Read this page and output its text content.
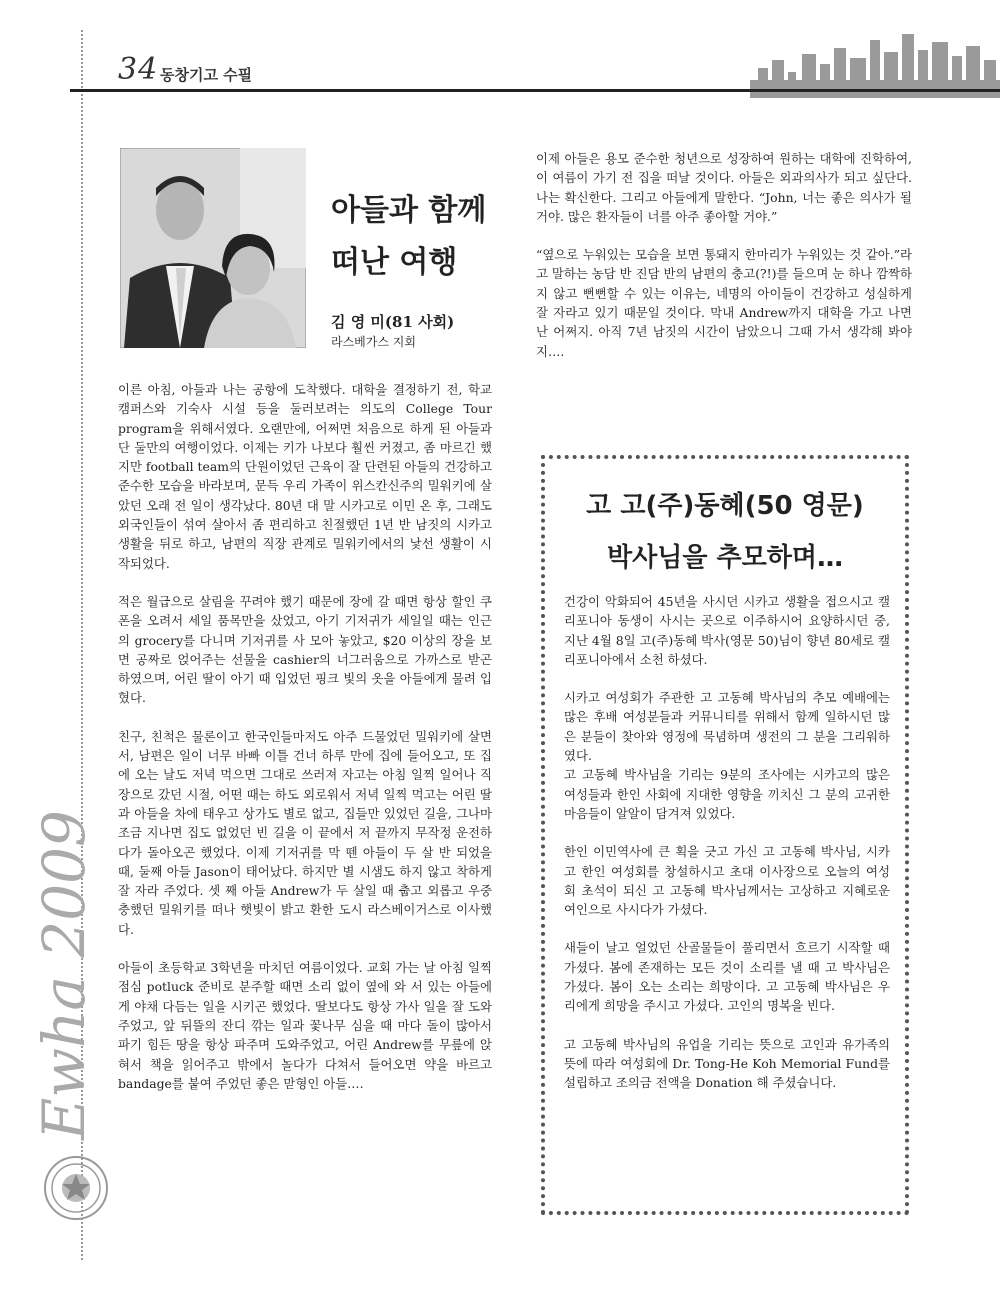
34 동창기고 수필
아들과 함께
떠난 여행
김 영 미(81 사회)
라스베가스 지회

이른 아침, 아들과 나는 공항에 도착했다. 대학을 결정하기 전, 학교 캠퍼스와 기숙사 시설 등을 둘러보려는 의도의 College Tour program을 위해서였다. 오랜만에, 어쩌면 처음으로 하게 된 아들과 단 둘만의 여행이었다. 이제는 키가 나보다 훨씬 커졌고, 좀 마르긴 했지만 football team의 단원이었던 근육이 잘 단련된 아들의 건강하고 준수한 모습을 바라보며, 문득 우리 가족이 위스칸신주의 밀워키에 살았던 오래 전 일이 생각났다. 80년 대 말 시카고로 이민 온 후, 그래도 외국인들이 섞여 살아서 좀 편리하고 친절했던 1년 반 남짓의 시카고 생활을 뒤로 하고, 남편의 직장 관계로 밀워키에서의 낯선 생활이 시작되었다.

적은 월급으로 살림을 꾸려야 했기 때문에 장에 갈 때면 항상 할인 쿠폰을 오려서 세일 품목만을 샀었고, 아기 기저귀가 세일일 때는 인근의 grocery를 다니며 기저귀를 사 모아 놓았고, $20 이상의 장을 보면 공짜로 얹어주는 선물을 cashier의 너그러움으로 가까스로 받곤 하였으며, 어린 딸이 아기 때 입었던 핑크 빛의 옷을 아들에게 물려 입혔다.

친구, 친척은 물론이고 한국인들마저도 아주 드물었던 밀워키에 살면서, 남편은 일이 너무 바빠 이틀 건너 하루 만에 집에 들어오고, 또 집에 오는 날도 저녁 먹으면 그대로 쓰러져 자고는 아침 일찍 일어나 직장으로 갔던 시절, 어떤 때는 하도 외로워서 저녁 일찍 먹고는 어린 딸과 아들을 차에 태우고 상가도 별로 없고, 집들만 있었던 길을, 그나마 조금 지나면 집도 없었던 빈 길을 이 끝에서 저 끝까지 무작정 운전하다가 돌아오곤 했었다. 이제 기저귀를 막 뗀 아들이 두 살 반 되었을 때, 둘째 아들 Jason이 태어났다. 하지만 별 시샘도 하지 않고 착하게 잘 자라 주었다. 셋 째 아들 Andrew가 두 살일 때 춥고 외롭고 우중충했던 밀워키를 떠나 햇빛이 밝고 환한 도시 라스베이거스로 이사했다.

아들이 초등학교 3학년을 마치던 여름이었다. 교회 가는 날 아침 일찍 점심 potluck 준비로 분주할 때면 소리 없이 옆에 와 서 있는 아들에게 야채 다듬는 일을 시키곤 했었다. 딸보다도 항상 가사 일을 잘 도와주었고, 앞 뒤뜰의 잔디 깎는 일과 꽃나무 심을 때 마다 돌이 많아서 파기 힘든 땅을 항상 파주며 도와주었고, 어린 Andrew를 무릎에 앉혀서 책을 읽어주고 밖에서 놀다가 다쳐서 들어오면 약을 바르고 bandage를 붙여 주었던 좋은 맏형인 아들….

이제 아들은 용모 준수한 청년으로 성장하여 원하는 대학에 진학하여, 이 여름이 가기 전 집을 떠날 것이다. 아들은 외과의사가 되고 싶단다. 나는 확신한다. 그리고 아들에게 말한다. “John, 너는 좋은 의사가 될 거야. 많은 환자들이 너를 아주 좋아할 거야.”

“옆으로 누워있는 모습을 보면 통돼지 한마리가 누워있는 것 같아.”라고 말하는 농담 반 진담 반의 남편의 충고(?!)를 들으며 눈 하나 깜짝하지 않고 뻔뻔할 수 있는 이유는, 네명의 아이들이 건강하고 성실하게 잘 자라고 있기 때문일 것이다. 막내 Andrew까지 대학을 가고 나면 난 어쩌지. 아직 7년 남짓의 시간이 남았으니 그때 가서 생각해 봐야지….

고 고(주)동혜(50 영문)
박사님을 추모하며…

건강이 악화되어 45년을 사시던 시카고 생활을 접으시고 캘리포니아 동생이 사시는 곳으로 이주하시어 요양하시던 중, 지난 4월 8일 고(주)동혜 박사(영문 50)님이 향년 80세로 캘리포니아에서 소천 하셨다.

시카고 여성회가 주관한 고 고동혜 박사님의 추모 예배에는 많은 후배 여성분들과 커뮤니티를 위해서 함께 일하시던 많은 분들이 찾아와 영정에 묵념하며 생전의 그 분을 그리워하였다.

고 고동혜 박사님을 기리는 9분의 조사에는 시카고의 많은 여성들과 한인 사회에 지대한 영향을 끼치신 그 분의 고귀한 마음들이 알알이 담겨져 있었다.

한인 이민역사에 큰 획을 긋고 가신 고 고동혜 박사님, 시카고 한인 여성회를 창설하시고 초대 이사장으로 오늘의 여성회 초석이 되신 고 고동혜 박사님께서는 고상하고 지혜로운 여인으로 사시다가 가셨다.

새들이 날고 얼었던 산골물들이 풀리면서 흐르기 시작할 때 가셨다. 봄에 존재하는 모든 것이 소리를 낼 때 고 박사님은 가셨다. 봄이 오는 소리는 희망이다. 고 고동혜 박사님은 우리에게 희망을 주시고 가셨다. 고인의 명복을 빈다.

고 고동혜 박사님의 유업을 기리는 뜻으로 고인과 유가족의 뜻에 따라 여성회에 Dr. Tong-He Koh Memorial Fund를 설립하고 조의금 전액을 Donation 해 주셨습니다.

Ewha 2009
